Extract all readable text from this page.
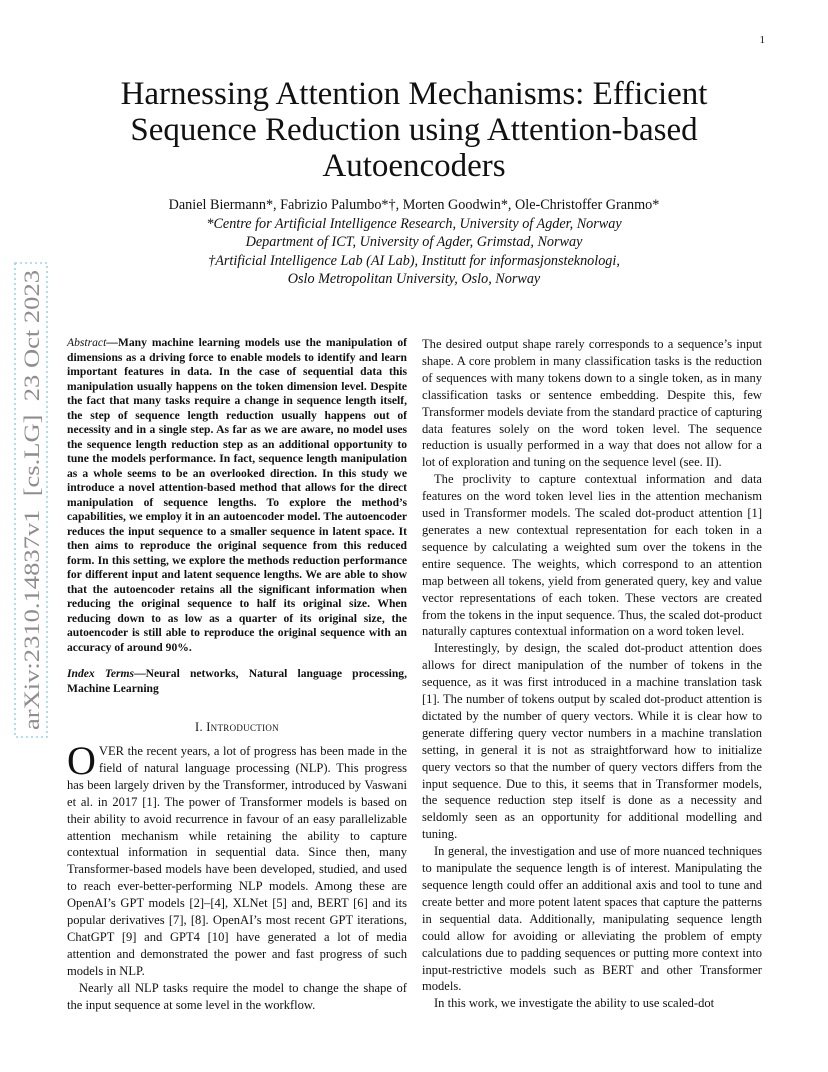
1
arXiv:2310.14837v1  [cs.LG]  23 Oct 2023
Harnessing Attention Mechanisms: Efficient
Sequence Reduction using Attention-based
Autoencoders
Daniel Biermann*, Fabrizio Palumbo*†, Morten Goodwin*, Ole-Christoffer Granmo*
*Centre for Artificial Intelligence Research, University of Agder, Norway
Department of ICT, University of Agder, Grimstad, Norway
†Artificial Intelligence Lab (AI Lab), Institutt for informasjonsteknologi,
Oslo Metropolitan University, Oslo, Norway

Abstract—Many machine learning models use the manipulation of dimensions as a driving force to enable models to identify and learn important features in data. In the case of sequential data this manipulation usually happens on the token dimension level. Despite the fact that many tasks require a change in sequence length itself, the step of sequence length reduction usually happens out of necessity and in a single step. As far as we are aware, no model uses the sequence length reduction step as an additional opportunity to tune the models performance. In fact, sequence length manipulation as a whole seems to be an overlooked direction. In this study we introduce a novel attention-based method that allows for the direct manipulation of sequence lengths. To explore the method’s capabilities, we employ it in an autoencoder model. The autoencoder reduces the input sequence to a smaller sequence in latent space. It then aims to reproduce the original sequence from this reduced form. In this setting, we explore the methods reduction performance for different input and latent sequence lengths. We are able to show that the autoencoder retains all the significant information when reducing the original sequence to half its original size. When reducing down to as low as a quarter of its original size, the autoencoder is still able to reproduce the original sequence with an accuracy of around 90%.

Index Terms—Neural networks, Natural language processing, Machine Learning

I. Introduction

OVER the recent years, a lot of progress has been made in the field of natural language processing (NLP). This progress has been largely driven by the Transformer, introduced by Vaswani et al. in 2017 [1]. The power of Transformer models is based on their ability to avoid recurrence in favour of an easy parallelizable attention mechanism while retaining the ability to capture contextual information in sequential data. Since then, many Transformer-based models have been developed, studied, and used to reach ever-better-performing NLP models. Among these are OpenAI’s GPT models [2]–[4], XLNet [5] and, BERT [6] and its popular derivatives [7], [8]. OpenAI’s most recent GPT iterations, ChatGPT [9] and GPT4 [10] have generated a lot of media attention and demonstrated the power and fast progress of such models in NLP.

Nearly all NLP tasks require the model to change the shape of the input sequence at some level in the workflow.

The desired output shape rarely corresponds to a sequence’s input shape. A core problem in many classification tasks is the reduction of sequences with many tokens down to a single token, as in many classification tasks or sentence embedding. Despite this, few Transformer models deviate from the standard practice of capturing data features solely on the word token level. The sequence reduction is usually performed in a way that does not allow for a lot of exploration and tuning on the sequence level (see. II).

The proclivity to capture contextual information and data features on the word token level lies in the attention mechanism used in Transformer models. The scaled dot-product attention [1] generates a new contextual representation for each token in a sequence by calculating a weighted sum over the tokens in the entire sequence. The weights, which correspond to an attention map between all tokens, yield from generated query, key and value vector representations of each token. These vectors are created from the tokens in the input sequence. Thus, the scaled dot-product naturally captures contextual information on a word token level.

Interestingly, by design, the scaled dot-product attention does allows for direct manipulation of the number of tokens in the sequence, as it was first introduced in a machine translation task [1]. The number of tokens output by scaled dot-product attention is dictated by the number of query vectors. While it is clear how to generate differing query vector numbers in a machine translation setting, in general it is not as straightforward how to initialize query vectors so that the number of query vectors differs from the input sequence. Due to this, it seems that in Transformer models, the sequence reduction step itself is done as a necessity and seldomly seen as an opportunity for additional modelling and tuning.

In general, the investigation and use of more nuanced techniques to manipulate the sequence length is of interest. Manipulating the sequence length could offer an additional axis and tool to tune and create better and more potent latent spaces that capture the patterns in sequential data. Additionally, manipulating sequence length could allow for avoiding or alleviating the problem of empty calculations due to padding sequences or putting more context into input-restrictive models such as BERT and other Transformer models.

In this work, we investigate the ability to use scaled-dot
